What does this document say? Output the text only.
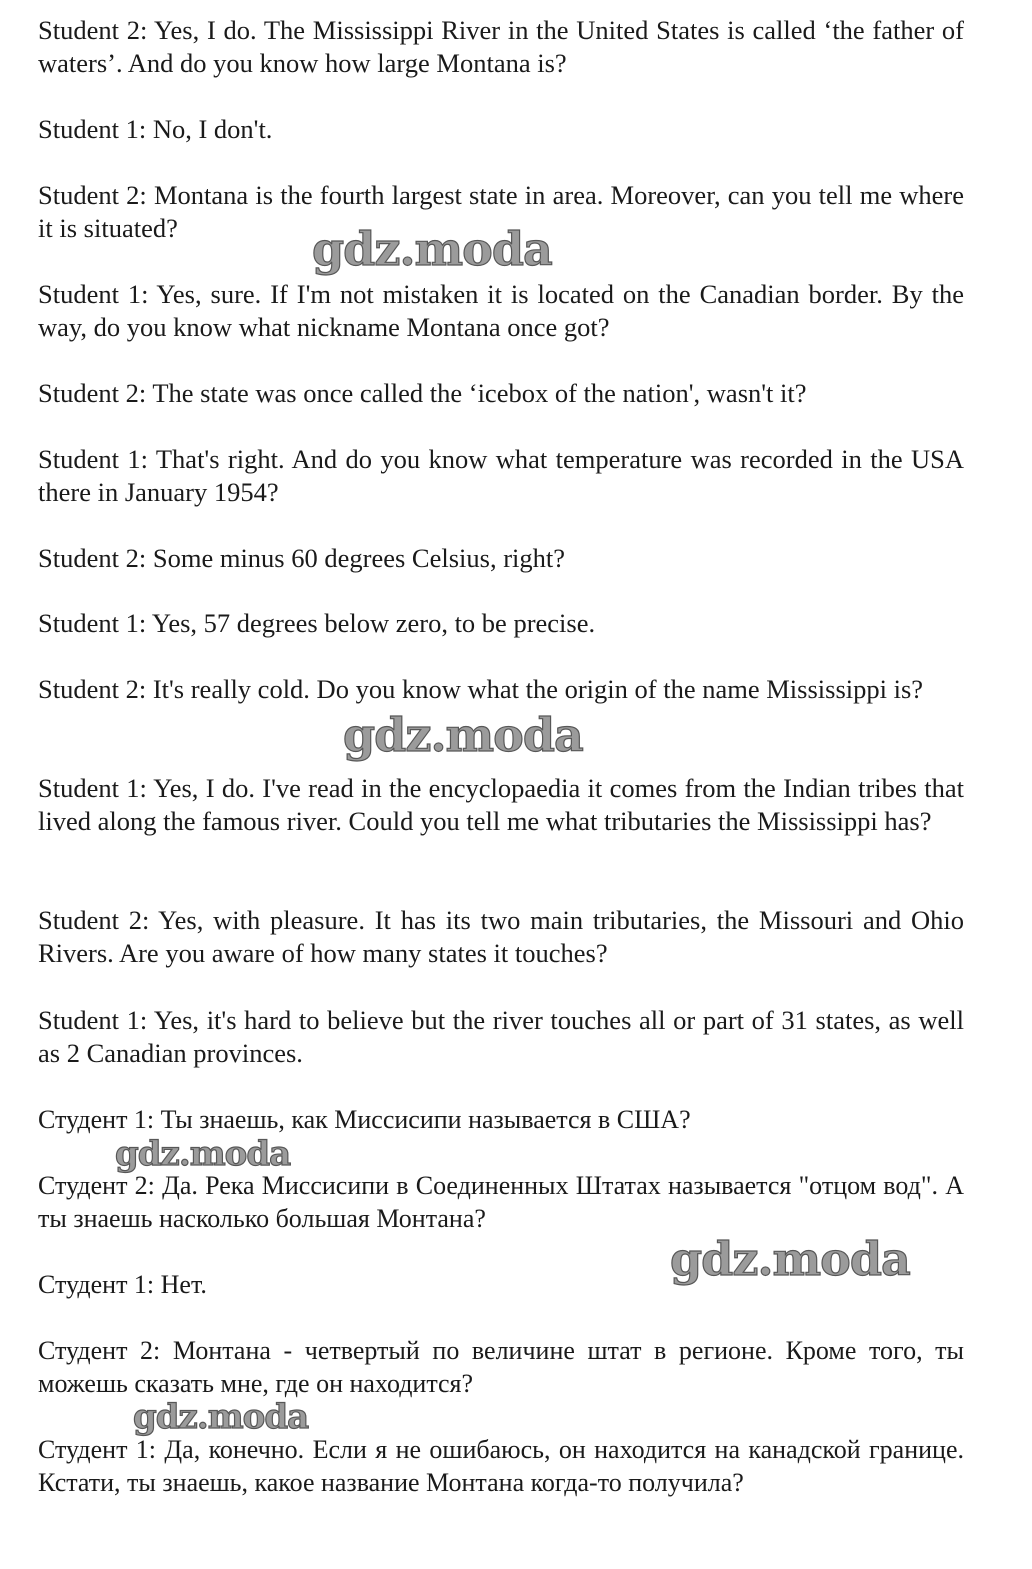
Student 2: Yes, I do. The Mississippi River in the United States is called ‘the father of waters’. And do you know how large Montana is?

Student 1: No, I don't.

Student 2: Montana is the fourth largest state in area. Moreover, can you tell me where it is situated?

Student 1: Yes, sure. If I'm not mistaken it is located on the Canadian border. By the way, do you know what nickname Montana once got?

Student 2: The state was once called the ‘icebox of the nation', wasn't it?

Student 1: That's right. And do you know what temperature was recorded in the USA there in January 1954?

Student 2: Some minus 60 degrees Celsius, right?

Student 1: Yes, 57 degrees below zero, to be precise.

Student 2: It's really cold. Do you know what the origin of the name Mississippi is?

Student 1: Yes, I do. I've read in the encyclopaedia it comes from the Indian tribes that lived along the famous river. Could you tell me what tributaries the Mississippi has?

Student 2: Yes, with pleasure. It has its two main tributaries, the Missouri and Ohio Rivers. Are you aware of how many states it touches?

Student 1: Yes, it's hard to believe but the river touches all or part of 31 states, as well as 2 Canadian provinces.

Студент 1: Ты знаешь, как Миссисипи называется в США?

Студент 2: Да. Река Миссисипи в Соединенных Штатах называется "отцом вод". А ты знаешь насколько большая Монтана?

Студент 1: Нет.

Студент 2: Монтана - четвертый по величине штат в регионе. Кроме того, ты можешь сказать мне, где он находится?

Студент 1: Да, конечно. Если я не ошибаюсь, он находится на канадской границе. Кстати, ты знаешь, какое название Монтана когда-то получила?

gdz.moda
gdz.moda
gdz.moda
gdz.moda
gdz.moda
